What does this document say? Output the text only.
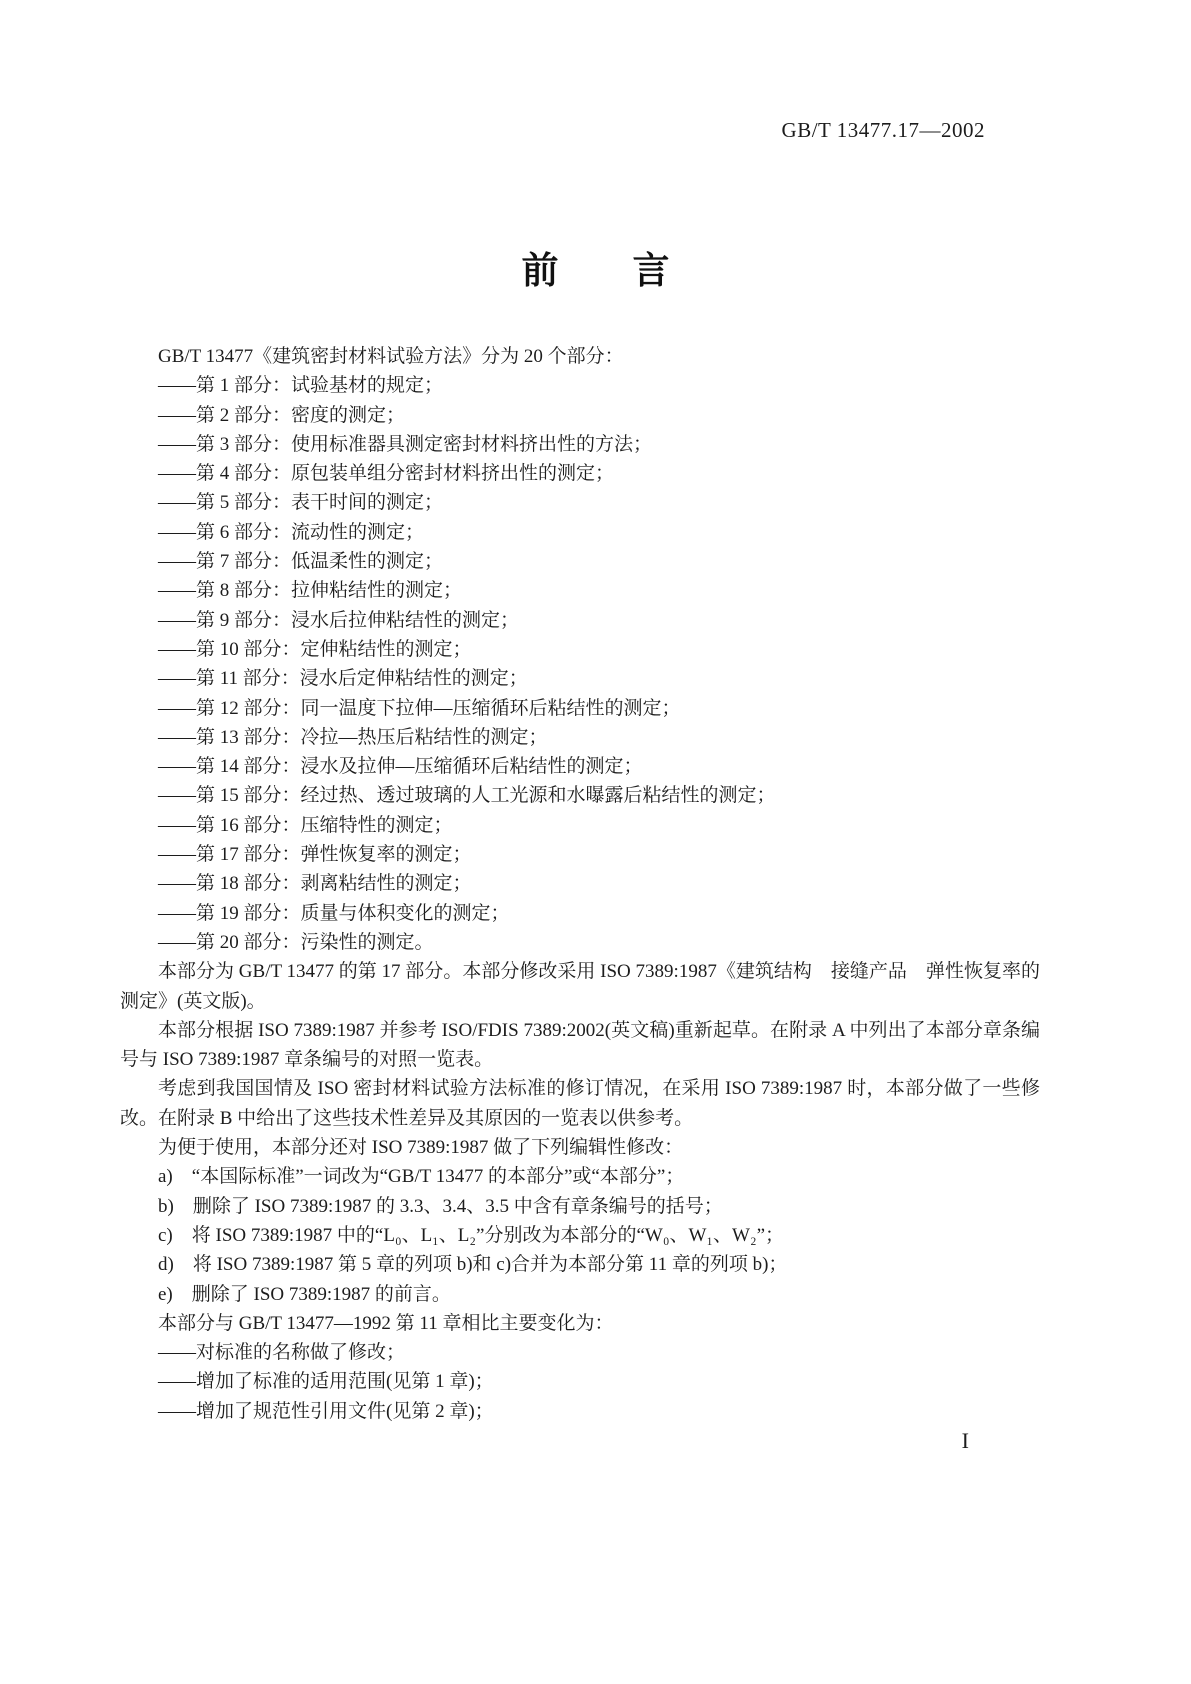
GB/T 13477.17—2002
前　　言

GB/T 13477《建筑密封材料试验方法》分为 20 个部分：

——第 1 部分：试验基材的规定；

——第 2 部分：密度的测定；

——第 3 部分：使用标准器具测定密封材料挤出性的方法；

——第 4 部分：原包装单组分密封材料挤出性的测定；

——第 5 部分：表干时间的测定；

——第 6 部分：流动性的测定；

——第 7 部分：低温柔性的测定；

——第 8 部分：拉伸粘结性的测定；

——第 9 部分：浸水后拉伸粘结性的测定；

——第 10 部分：定伸粘结性的测定；

——第 11 部分：浸水后定伸粘结性的测定；

——第 12 部分：同一温度下拉伸—压缩循环后粘结性的测定；

——第 13 部分：冷拉—热压后粘结性的测定；

——第 14 部分：浸水及拉伸—压缩循环后粘结性的测定；

——第 15 部分：经过热、透过玻璃的人工光源和水曝露后粘结性的测定；

——第 16 部分：压缩特性的测定；

——第 17 部分：弹性恢复率的测定；

——第 18 部分：剥离粘结性的测定；

——第 19 部分：质量与体积变化的测定；

——第 20 部分：污染性的测定。

本部分为 GB/T 13477 的第 17 部分。本部分修改采用 ISO 7389:1987《建筑结构　接缝产品　弹性恢复率的测定》(英文版)。

本部分根据 ISO 7389:1987 并参考 ISO/FDIS 7389:2002(英文稿)重新起草。在附录 A 中列出了本部分章条编号与 ISO 7389:1987 章条编号的对照一览表。

考虑到我国国情及 ISO 密封材料试验方法标准的修订情况，在采用 ISO 7389:1987 时，本部分做了一些修改。在附录 B 中给出了这些技术性差异及其原因的一览表以供参考。

为便于使用，本部分还对 ISO 7389:1987 做了下列编辑性修改：

a)　“本国际标准”一词改为“GB/T 13477 的本部分”或“本部分”；

b)　删除了 ISO 7389:1987 的 3.3、3.4、3.5 中含有章条编号的括号；

c)　将 ISO 7389:1987 中的“L₀、L₁、L₂”分别改为本部分的“W₀、W₁、W₂”；

d)　将 ISO 7389:1987 第 5 章的列项 b)和 c)合并为本部分第 11 章的列项 b)；

e)　删除了 ISO 7389:1987 的前言。

本部分与 GB/T 13477—1992 第 11 章相比主要变化为：

——对标准的名称做了修改；

——增加了标准的适用范围(见第 1 章)；

——增加了规范性引用文件(见第 2 章)；

I
